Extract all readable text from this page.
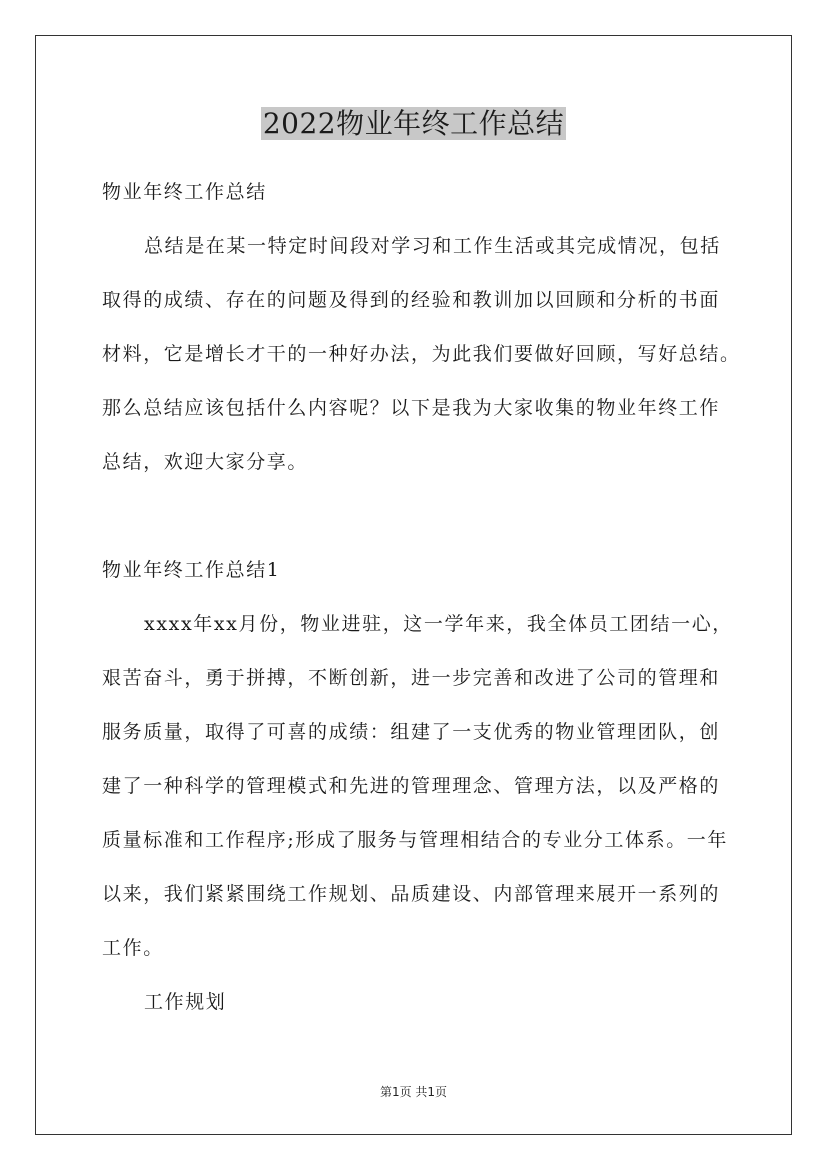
2022物业年终工作总结

物业年终工作总结

总结是在某一特定时间段对学习和工作生活或其完成情况，包括

取得的成绩、存在的问题及得到的经验和教训加以回顾和分析的书面

材料，它是增长才干的一种好办法，为此我们要做好回顾，写好总结。

那么总结应该包括什么内容呢？以下是我为大家收集的物业年终工作

总结，欢迎大家分享。

物业年终工作总结1

xxxx年xx月份，物业进驻，这一学年来，我全体员工团结一心，

艰苦奋斗，勇于拼搏，不断创新，进一步完善和改进了公司的管理和

服务质量，取得了可喜的成绩：组建了一支优秀的物业管理团队，创

建了一种科学的管理模式和先进的管理理念、管理方法，以及严格的

质量标准和工作程序;形成了服务与管理相结合的专业分工体系。一年

以来，我们紧紧围绕工作规划、品质建设、内部管理来展开一系列的

工作。

工作规划

第1页 共1页
